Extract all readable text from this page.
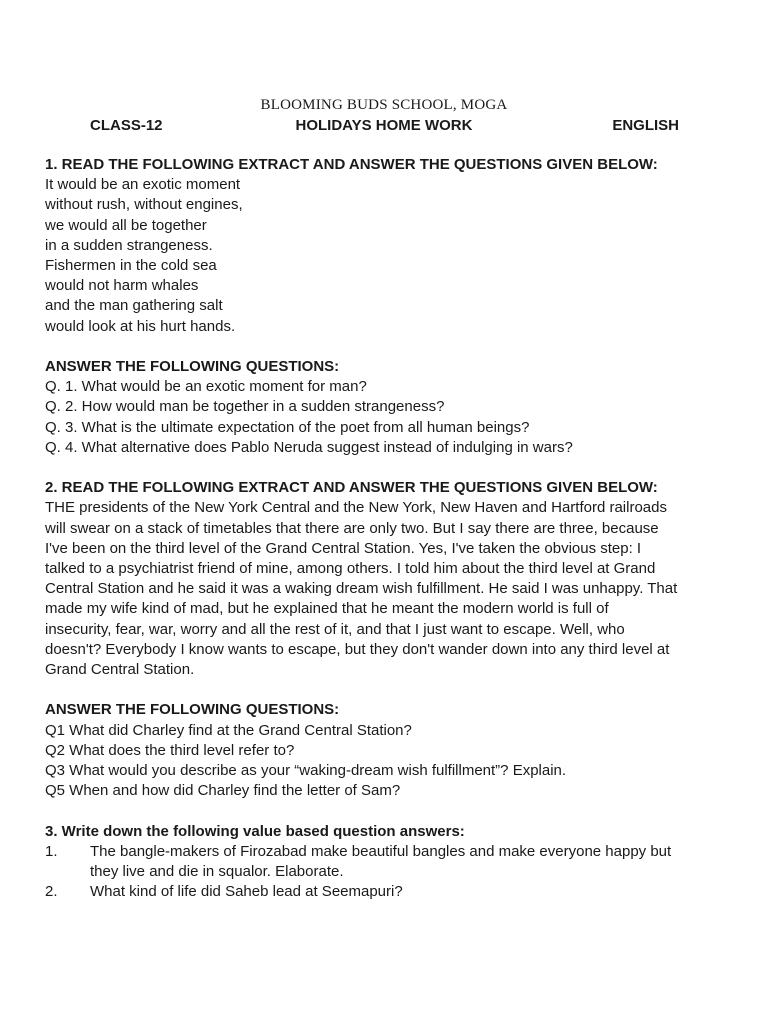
BLOOMING BUDS SCHOOL, MOGA
CLASS-12	HOLIDAYS HOME WORK	ENGLISH
1. READ THE FOLLOWING EXTRACT AND ANSWER THE QUESTIONS GIVEN BELOW:
It would be an exotic moment
without rush, without engines,
we would all be together
in a sudden strangeness.
Fishermen in the cold sea
would not harm whales
and the man gathering salt
would look at his hurt hands.
ANSWER THE FOLLOWING QUESTIONS:
Q. 1. What would be an exotic moment for man?
Q. 2. How would man be together in a sudden strangeness?
Q. 3. What is the ultimate expectation of the poet from all human beings?
Q. 4. What alternative does Pablo Neruda suggest instead of indulging in wars?
2. READ THE FOLLOWING EXTRACT AND ANSWER THE QUESTIONS GIVEN BELOW:
THE presidents of the New York Central and the New York, New Haven and Hartford railroads
will swear on a stack of timetables that there are only two. But I say there are three, because
I've been on the third level of the Grand Central Station. Yes, I've taken the obvious step: I
talked to a psychiatrist friend of mine, among others. I told him about the third level at Grand
Central Station and he said it was a waking dream wish fulfillment. He said I was unhappy. That
made my wife kind of mad, but he explained that he meant the modern world is full of
insecurity, fear, war, worry and all the rest of it, and that I just want to escape. Well, who
doesn't? Everybody I know wants to escape, but they don't wander down into any third level at
Grand Central Station.
ANSWER THE FOLLOWING QUESTIONS:
Q1 What did Charley find at the Grand Central Station?
Q2 What does the third level refer to?
Q3 What would you describe as your “waking-dream wish fulfillment”? Explain.
Q5 When and how did Charley find the letter of Sam?
3. Write down the following value based question answers:
1.	The bangle-makers of Firozabad make beautiful bangles and make everyone happy but
they live and die in squalor. Elaborate.
2.	What kind of life did Saheb lead at Seemapuri?
